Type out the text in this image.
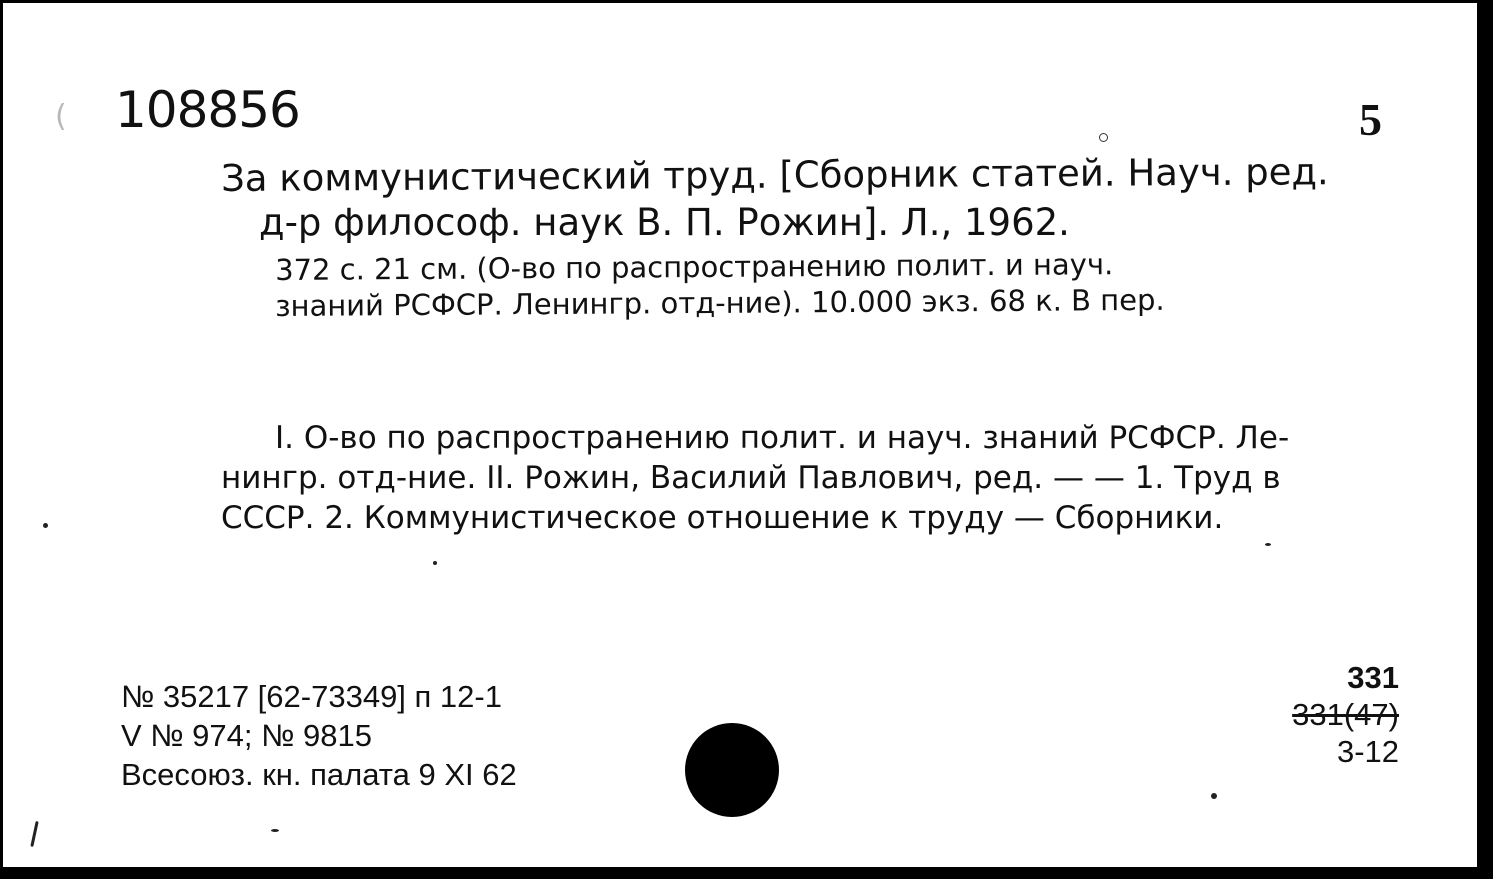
( 108856	5
За коммунистический труд. [Сборник статей. Науч. ред.
д-р философ. наук В. П. Рожин]. Л., 1962.
372 с. 21 см. (О-во по распространению полит. и науч.
знаний РСФСР. Ленингр. отд-ние). 10.000 экз. 68 к. В пер.
I. О-во по распространению полит. и науч. знаний РСФСР. Ле-
нингр. отд-ние. II. Рожин, Василий Павлович, ред. — — 1. Труд в
СССР. 2. Коммунистическое отношение к труду — Сборники.
№ 35217 [62-73349] п 12-1
V № 974; № 9815
Всесоюз. кн. палата 9 XI 62
331
331(47)
3-12
